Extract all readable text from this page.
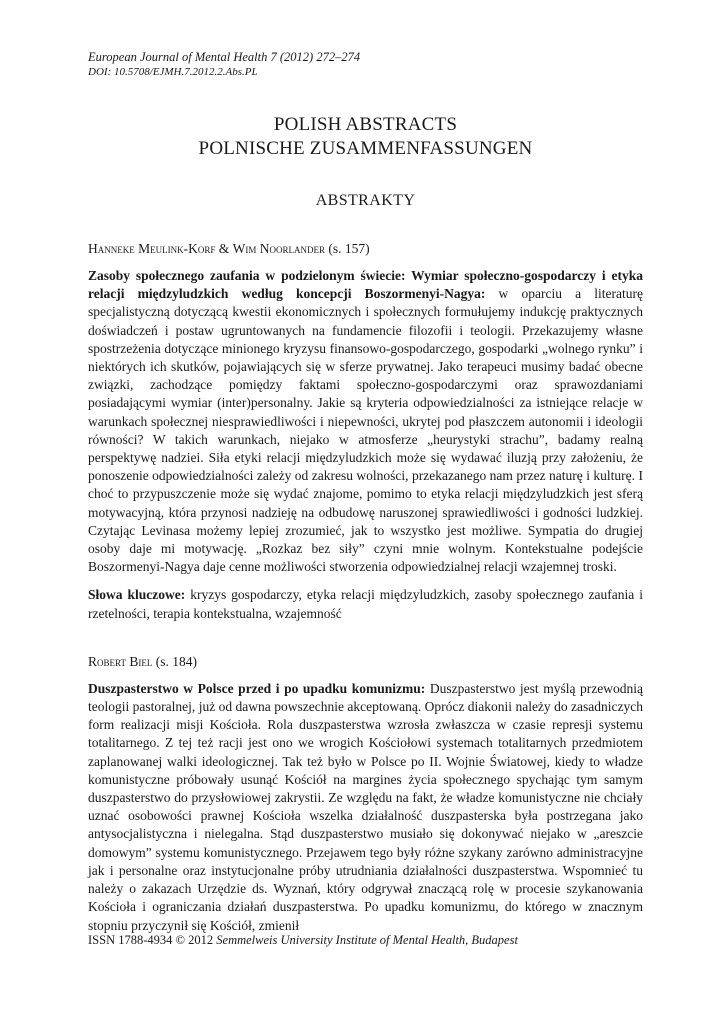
European Journal of Mental Health 7 (2012) 272–274

DOI: 10.5708/EJMH.7.2012.2.Abs.PL

POLISH ABSTRACTS

POLNISCHE ZUSAMMENFASSUNGEN

ABSTRAKTY
Hanneke Meulink-Korf & Wim Noorlander (s. 157)

Zasoby społecznego zaufania w podzielonym świecie: Wymiar społeczno-gospodarczy i etyka relacji międzyludzkich według koncepcji Boszormenyi-Nagya: w oparciu a literaturę specjalistyczną dotyczącą kwestii ekonomicznych i społecznych formułujemy indukcję praktycznych doświadczeń i postaw ugruntowanych na fundamencie filozofii i teologii. Przekazujemy własne spostrzeżenia dotyczące minionego kryzysu finansowo-gospodarczego, gospodarki „wolnego rynku” i niektórych ich skutków, pojawiających się w sferze prywatnej. Jako terapeuci musimy badać obecne związki, zachodzące pomiędzy faktami społeczno-gospodarczymi oraz sprawozdaniami posiadającymi wymiar (inter)personalny. Jakie są kryteria odpowiedzialności za istniejące relacje w warunkach społecznej niesprawiedliwości i niepewności, ukrytej pod płaszczem autonomii i ideologii równości? W takich warunkach, niejako w atmosferze „heurystyki strachu”, badamy realną perspektywę nadziei. Siła etyki relacji międzyludzkich może się wydawać iluzją przy założeniu, że ponoszenie odpowiedzialności zależy od zakresu wolności, przekazanego nam przez naturę i kulturę. I choć to przypuszczenie może się wydać znajome, pomimo to etyka relacji międzyludzkich jest sferą motywacyjną, która przynosi nadzieję na odbudowę naruszonej sprawiedliwości i godności ludzkiej. Czytając Levinasa możemy lepiej zrozumieć, jak to wszystko jest możliwe. Sympatia do drugiej osoby daje mi motywację. „Rozkaz bez siły” czyni mnie wolnym. Kontekstualne podejście Boszormenyi-Nagya daje cenne możliwości stworzenia odpowiedzialnej relacji wzajemnej troski.

Słowa kluczowe: kryzys gospodarczy, etyka relacji międzyludzkich, zasoby społecznego zaufania i rzetelności, terapia kontekstualna, wzajemność

Robert Biel (s. 184)

Duszpasterstwo w Polsce przed i po upadku komunizmu: Duszpasterstwo jest myślą przewodnią teologii pastoralnej, już od dawna powszechnie akceptowaną. Oprócz diakonii należy do zasadniczych form realizacji misji Kościoła. Rola duszpasterstwa wzrosła zwłaszcza w czasie represji systemu totalitarnego. Z tej też racji jest ono we wrogich Kościołowi systemach totalitarnych przedmiotem zaplanowanej walki ideologicznej. Tak też było w Polsce po II. Wojnie Światowej, kiedy to władze komunistyczne próbowały usunąć Kościół na margines życia społecznego spychając tym samym duszpasterstwo do przysłowiowej zakrystii. Ze względu na fakt, że władze komunistyczne nie chciały uznać osobowości prawnej Kościoła wszelka działalność duszpasterska była postrzegana jako antysocjalistyczna i nielegalna. Stąd duszpasterstwo musiało się dokonywać niejako w „areszcie domowym” systemu komunistycznego. Przejawem tego były różne szykany zarówno administracyjne jak i personalne oraz instytucjonalne próby utrudniania działalności duszpasterstwa. Wspomnieć tu należy o zakazach Urzędzie ds. Wyznań, który odgrywał znaczącą rolę w procesie szykanowania Kościoła i ograniczania działań duszpasterstwa. Po upadku komunizmu, do którego w znacznym stopniu przyczynił się Kościół, zmienił

ISSN 1788-4934 © 2012 Semmelweis University Institute of Mental Health, Budapest
